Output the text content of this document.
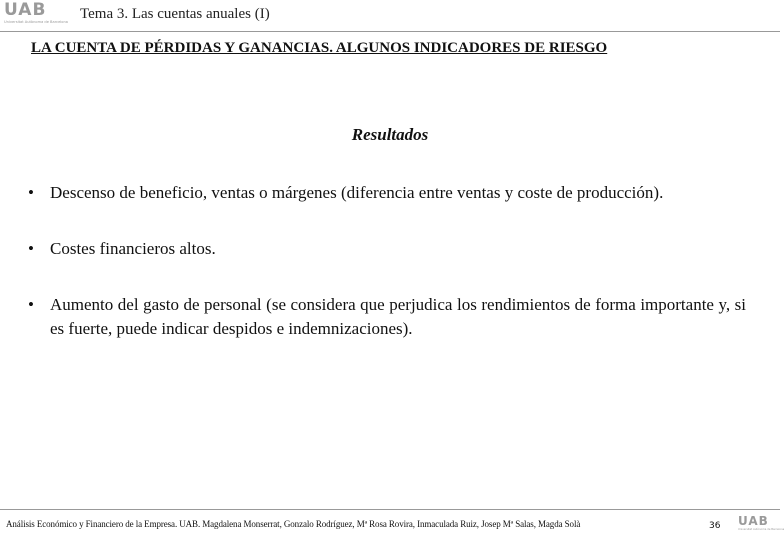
UAB
Universitat Autònoma de Barcelona Tema 3. Las cuentas anuales (I)
LA CUENTA DE PÉRDIDAS Y GANANCIAS. ALGUNOS INDICADORES DE RIESGO
Resultados
• Descenso de beneficio, ventas o márgenes (diferencia entre ventas y coste de producción).
• Costes financieros altos.
• Aumento del gasto de personal (se considera que perjudica los rendimientos de forma importante y, si es fuerte, puede indicar despidos e indemnizaciones).
Análisis Económico y Financiero de la Empresa. UAB. Magdalena Monserrat, Gonzalo Rodríguez, Mª Rosa Rovira, Inmaculada Ruiz, Josep Mª Salas, Magda Solà	36 UAB
Universitat Autònoma de Barcelona
